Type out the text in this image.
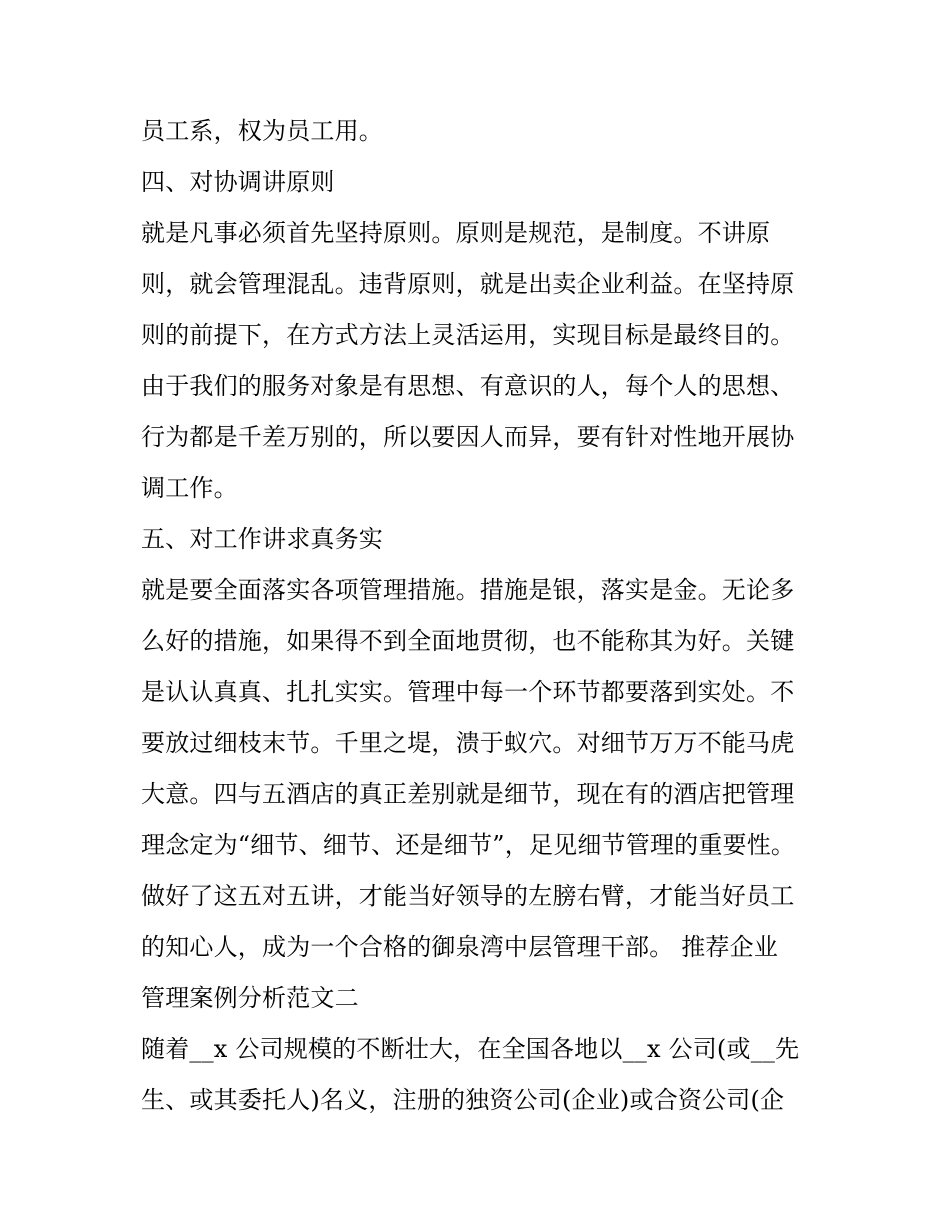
员工系，权为员工用。
四、对协调讲原则
就是凡事必须首先坚持原则。原则是规范，是制度。不讲原
则，就会管理混乱。违背原则，就是出卖企业利益。在坚持原
则的前提下，在方式方法上灵活运用，实现目标是最终目的。
由于我们的服务对象是有思想、有意识的人，每个人的思想、
行为都是千差万别的，所以要因人而异，要有针对性地开展协
调工作。
五、对工作讲求真务实
就是要全面落实各项管理措施。措施是银，落实是金。无论多
么好的措施，如果得不到全面地贯彻，也不能称其为好。关键
是认认真真、扎扎实实。管理中每一个环节都要落到实处。不
要放过细枝末节。千里之堤，溃于蚁穴。对细节万万不能马虎
大意。四与五酒店的真正差别就是细节，现在有的酒店把管理
理念定为“细节、细节、还是细节”，足见细节管理的重要性。
做好了这五对五讲，才能当好领导的左膀右臂，才能当好员工
的知心人，成为一个合格的御泉湾中层管理干部。 推荐企业
管理案例分析范文二
随着__x 公司规模的不断壮大，在全国各地以__x 公司(或__先
生、或其委托人)名义，注册的独资公司(企业)或合资公司(企
